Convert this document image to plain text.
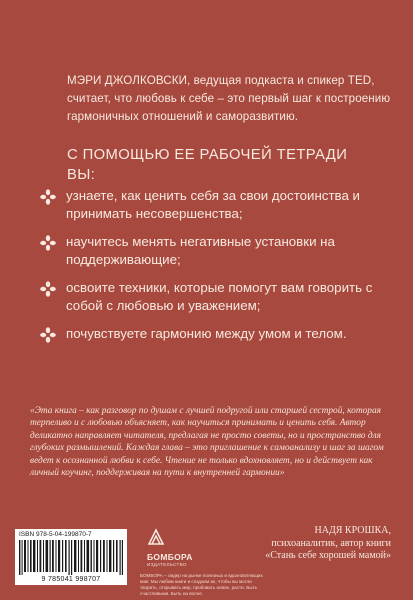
МЭРИ ДЖОЛКОВСКИ, ведущая подкаста и спикер TED, считает, что любовь к себе – это первый шаг к построению гармоничных отношений и саморазвитию.
С ПОМОЩЬЮ ЕЕ РАБОЧЕЙ ТЕТРАДИ ВЫ:
узнаете, как ценить себя за свои достоинства и принимать несовершенства;
научитесь менять негативные установки на поддерживающие;
освоите техники, которые помогут вам говорить с собой с любовью и уважением;
почувствуете гармонию между умом и телом.
«Эта книга – как разговор по душам с лучшей подругой или старшей сестрой, которая терпеливо и с любовью объясняет, как научиться принимать и ценить себя. Автор деликатно направляет читателя, предлагая не просто советы, но и пространство для глубоких размышлений. Каждая глава – это приглашение к самоанализу и шаг за шагом ведет к осознанной любви к себе. Чтение не только вдохновляет, но и действует как личный коучинг, поддерживая на пути к внутренней гармонии»
НАДЯ КРОШКА,
психоаналитик, автор книги
«Стань себе хорошей мамой»
ISBN 978-5-04-199870-7
9 785041 998707
БОМБОРА
ИЗДАТЕЛЬСТВО
БОМБОРА – лидер на рынке полезных и вдохновляющих книг. Мы любим книги и создаем их, чтобы вы могли творить, открывать мир, пробовать новое, расти. Быть счастливыми. Быть на волне.
